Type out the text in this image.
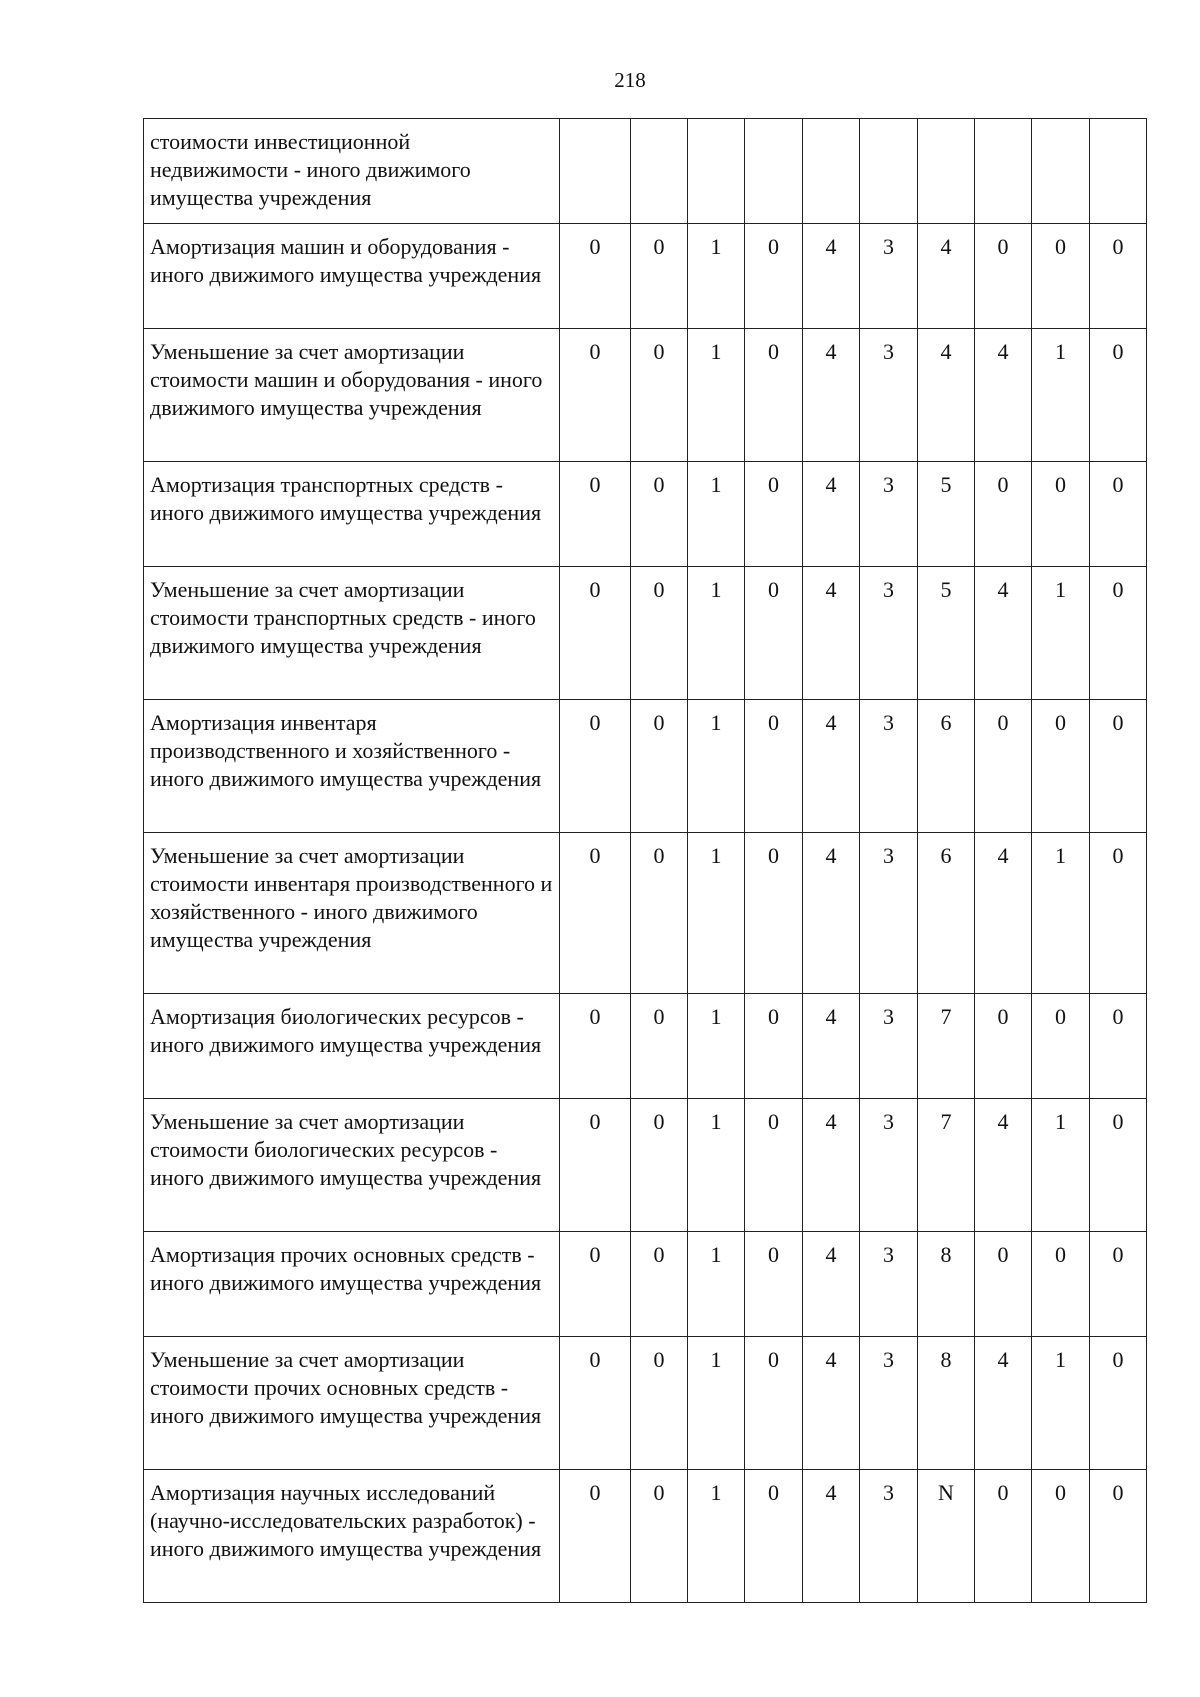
218
стоимости инвестиционной недвижимости - иного движимого имущества учреждения										
Амортизация машин и оборудования - иного движимого имущества учреждения	0	0	1	0	4	3	4	0	0	0
Уменьшение за счет амортизации стоимости машин и оборудования - иного движимого имущества учреждения	0	0	1	0	4	3	4	4	1	0
Амортизация транспортных средств - иного движимого имущества учреждения	0	0	1	0	4	3	5	0	0	0
Уменьшение за счет амортизации стоимости транспортных средств - иного движимого имущества учреждения	0	0	1	0	4	3	5	4	1	0
Амортизация инвентаря производственного и хозяйственного - иного движимого имущества учреждения	0	0	1	0	4	3	6	0	0	0
Уменьшение за счет амортизации стоимости инвентаря производственного и хозяйственного - иного движимого имущества учреждения	0	0	1	0	4	3	6	4	1	0
Амортизация биологических ресурсов - иного движимого имущества учреждения	0	0	1	0	4	3	7	0	0	0
Уменьшение за счет амортизации стоимости биологических ресурсов - иного движимого имущества учреждения	0	0	1	0	4	3	7	4	1	0
Амортизация прочих основных средств - иного движимого имущества учреждения	0	0	1	0	4	3	8	0	0	0
Уменьшение за счет амортизации стоимости прочих основных средств - иного движимого имущества учреждения	0	0	1	0	4	3	8	4	1	0
Амортизация научных исследований (научно-исследовательских разработок) - иного движимого имущества учреждения	0	0	1	0	4	3	N	0	0	0
